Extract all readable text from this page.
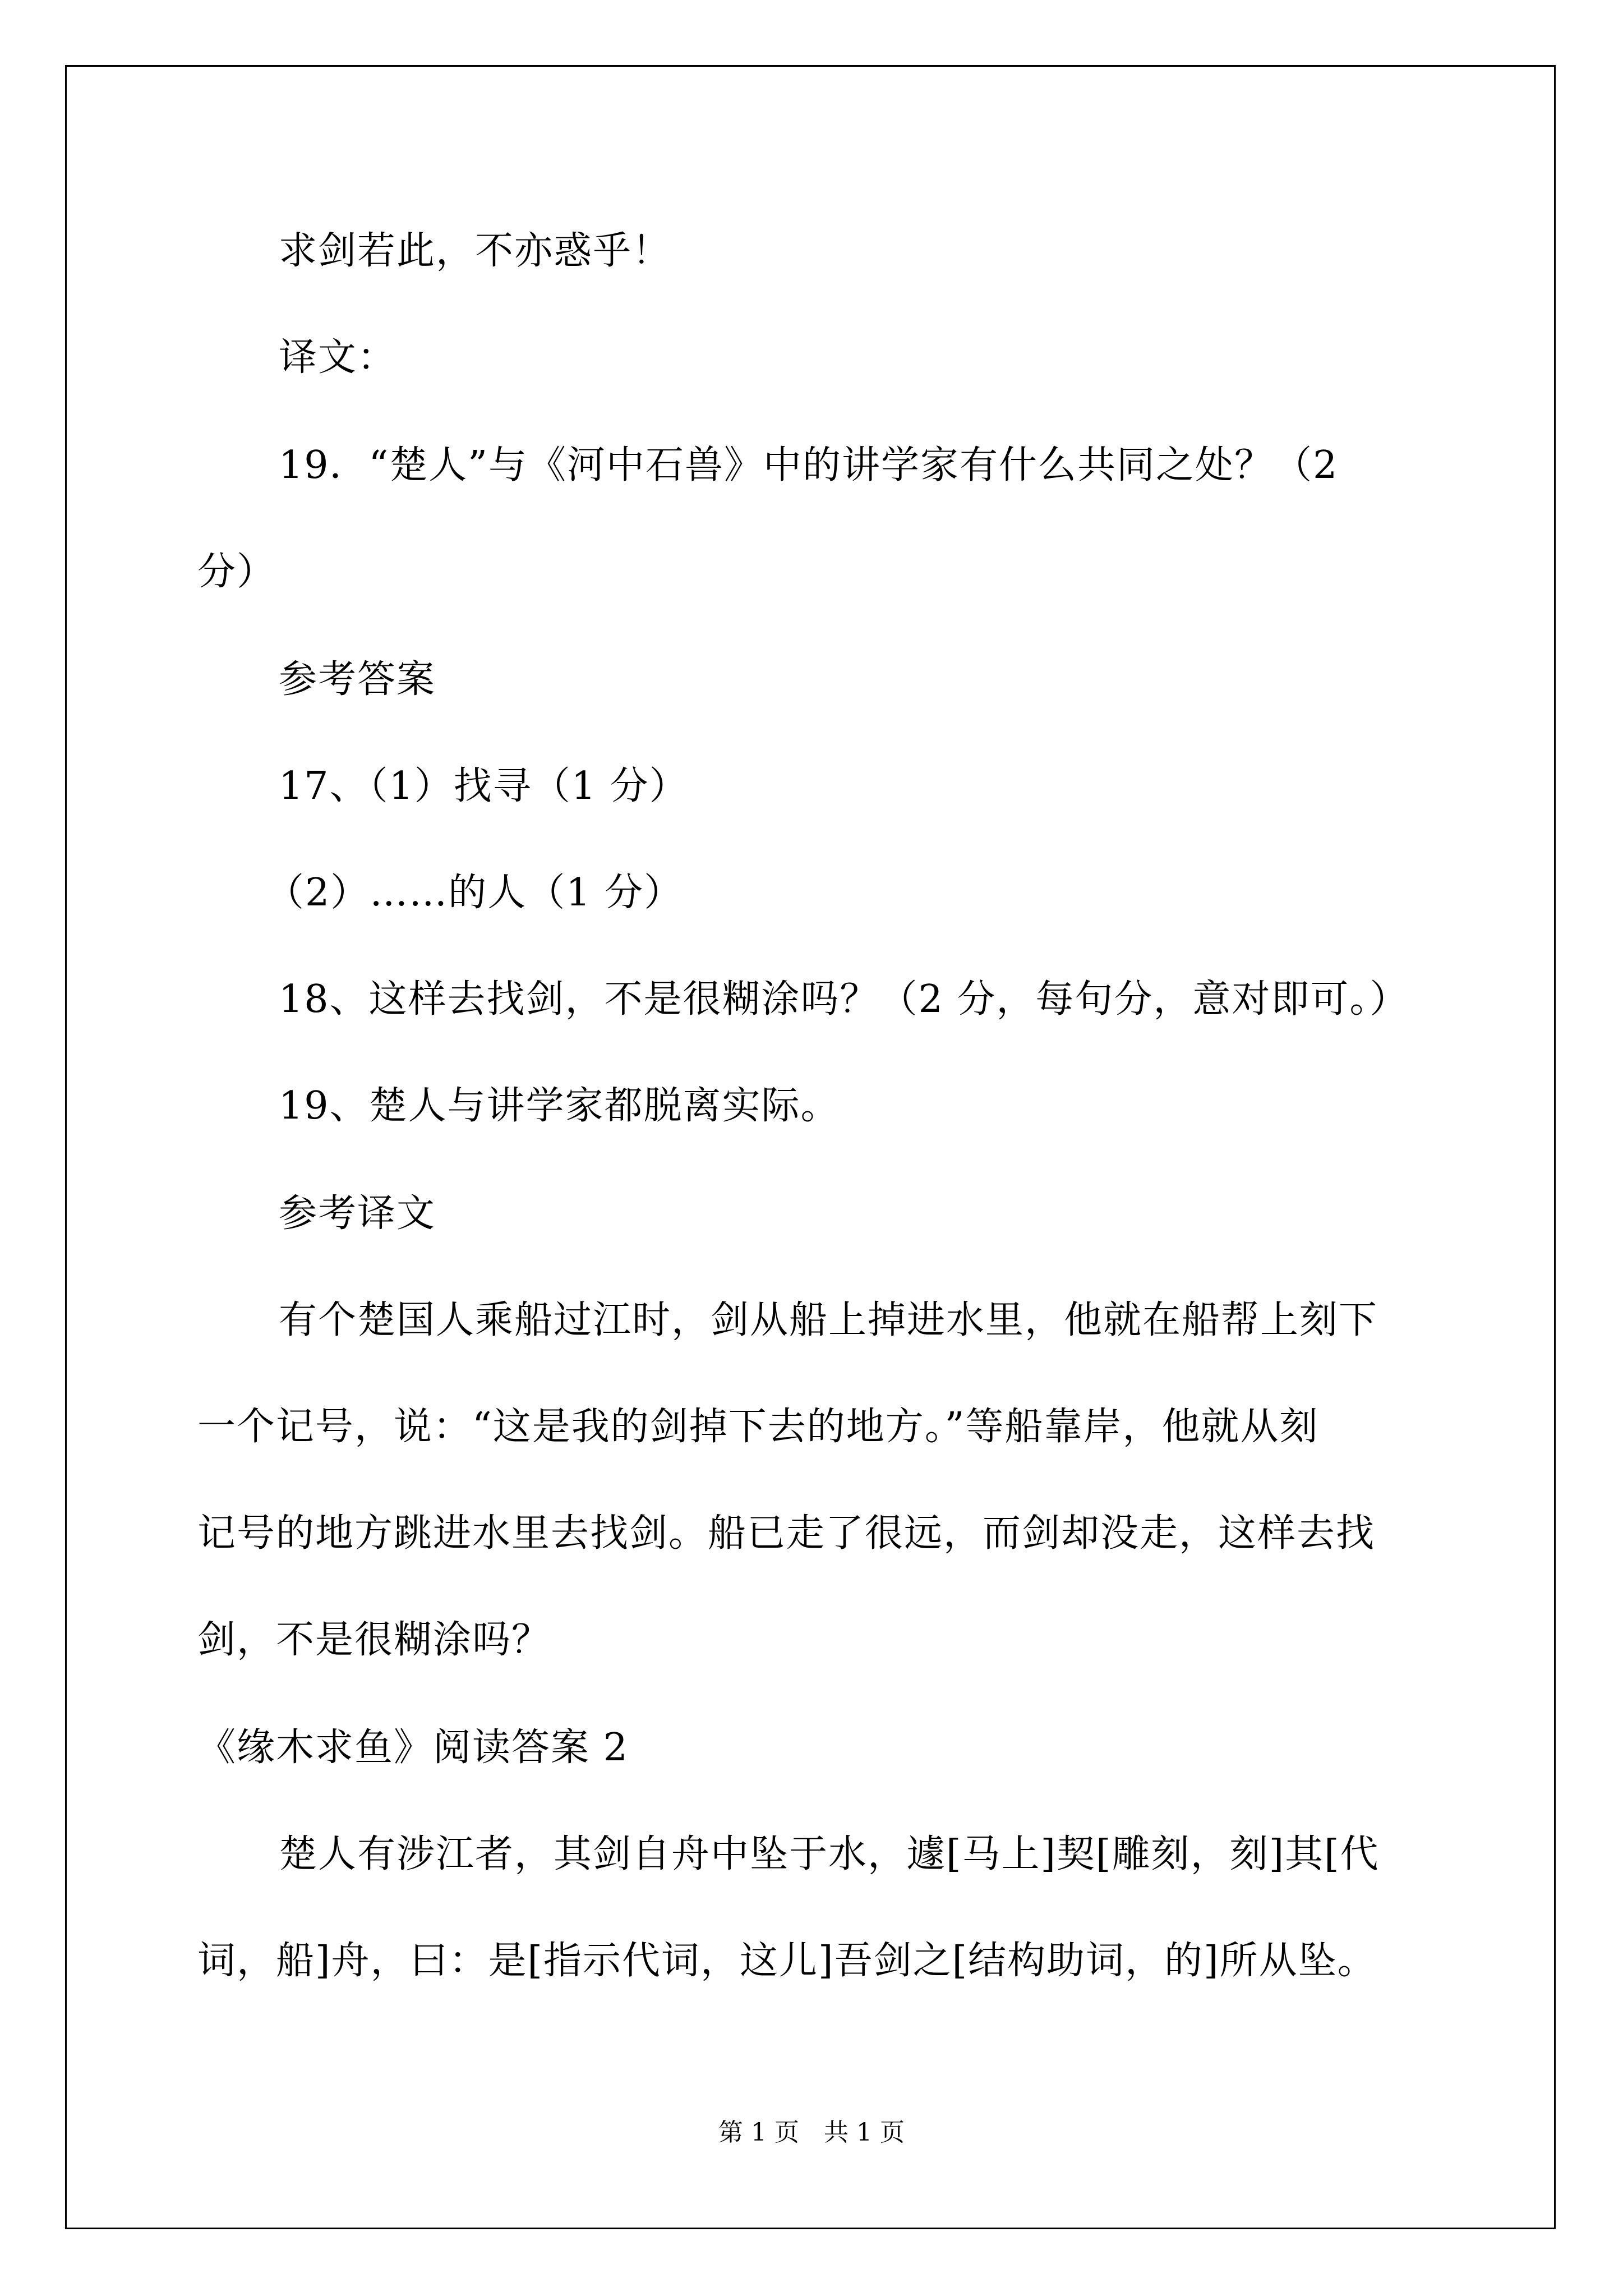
求剑若此，不亦惑乎！
译文：
19．“楚人”与《河中石兽》中的讲学家有什么共同之处？（2
分）
参考答案
17、（1）找寻（1 分）
（2）……的人（1 分）
18、这样去找剑，不是很糊涂吗？（2 分，每句分，意对即可。）
19、楚人与讲学家都脱离实际。
参考译文
有个楚国人乘船过江时，剑从船上掉进水里，他就在船帮上刻下
一个记号，说：“这是我的剑掉下去的地方。”等船靠岸，他就从刻
记号的地方跳进水里去找剑。船已走了很远，而剑却没走，这样去找
剑，不是很糊涂吗？
《缘木求鱼》阅读答案 2
楚人有涉江者，其剑自舟中坠于水，遽[马上]契[雕刻，刻]其[代
词，船]舟，曰：是[指示代词，这儿]吾剑之[结构助词，的]所从坠。
第 1 页　共 1 页
